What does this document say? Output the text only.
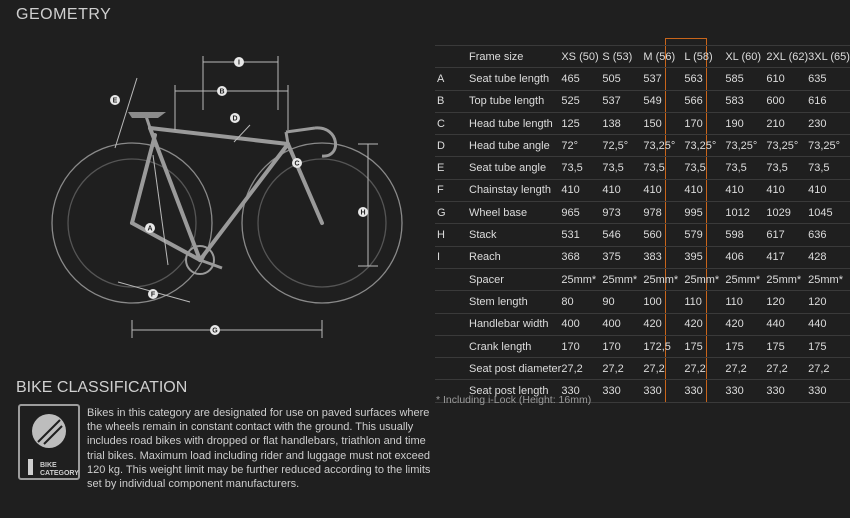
GEOMETRY
I
B
E
D
C
H
A
F
G
	Frame size	XS (50)	S (53)	M (56)	L (58)	XL (60)	2XL (62)	3XL (65)
A	Seat tube length	465	505	537	563	585	610	635
B	Top tube length	525	537	549	566	583	600	616
C	Head tube length	125	138	150	170	190	210	230
D	Head tube angle	72°	72,5°	73,25°	73,25°	73,25°	73,25°	73,25°
E	Seat tube angle	73,5	73,5	73,5	73,5	73,5	73,5	73,5
F	Chainstay length	410	410	410	410	410	410	410
G	Wheel base	965	973	978	995	1012	1029	1045
H	Stack	531	546	560	579	598	617	636
I	Reach	368	375	383	395	406	417	428
	Spacer	25mm*	25mm*	25mm*	25mm*	25mm*	25mm*	25mm*
	Stem length	80	90	100	110	110	120	120
	Handlebar width	400	400	420	420	420	440	440
	Crank length	170	170	172,5	175	175	175	175
	Seat post diameter	27,2	27,2	27,2	27,2	27,2	27,2	27,2
	Seat post length	330	330	330	330	330	330	330
* Including i-Lock (Height: 16mm)
BIKE CLASSIFICATION
BIKE CATEGORY
Bikes in this category are designated for use on paved surfaces where the wheels remain in constant contact with the ground. This usually includes road bikes with dropped or flat handlebars, triathlon and time trial bikes. Maximum load including rider and luggage must not exceed 120 kg. This weight limit may be further reduced according to the limits set by individual component manufacturers.
